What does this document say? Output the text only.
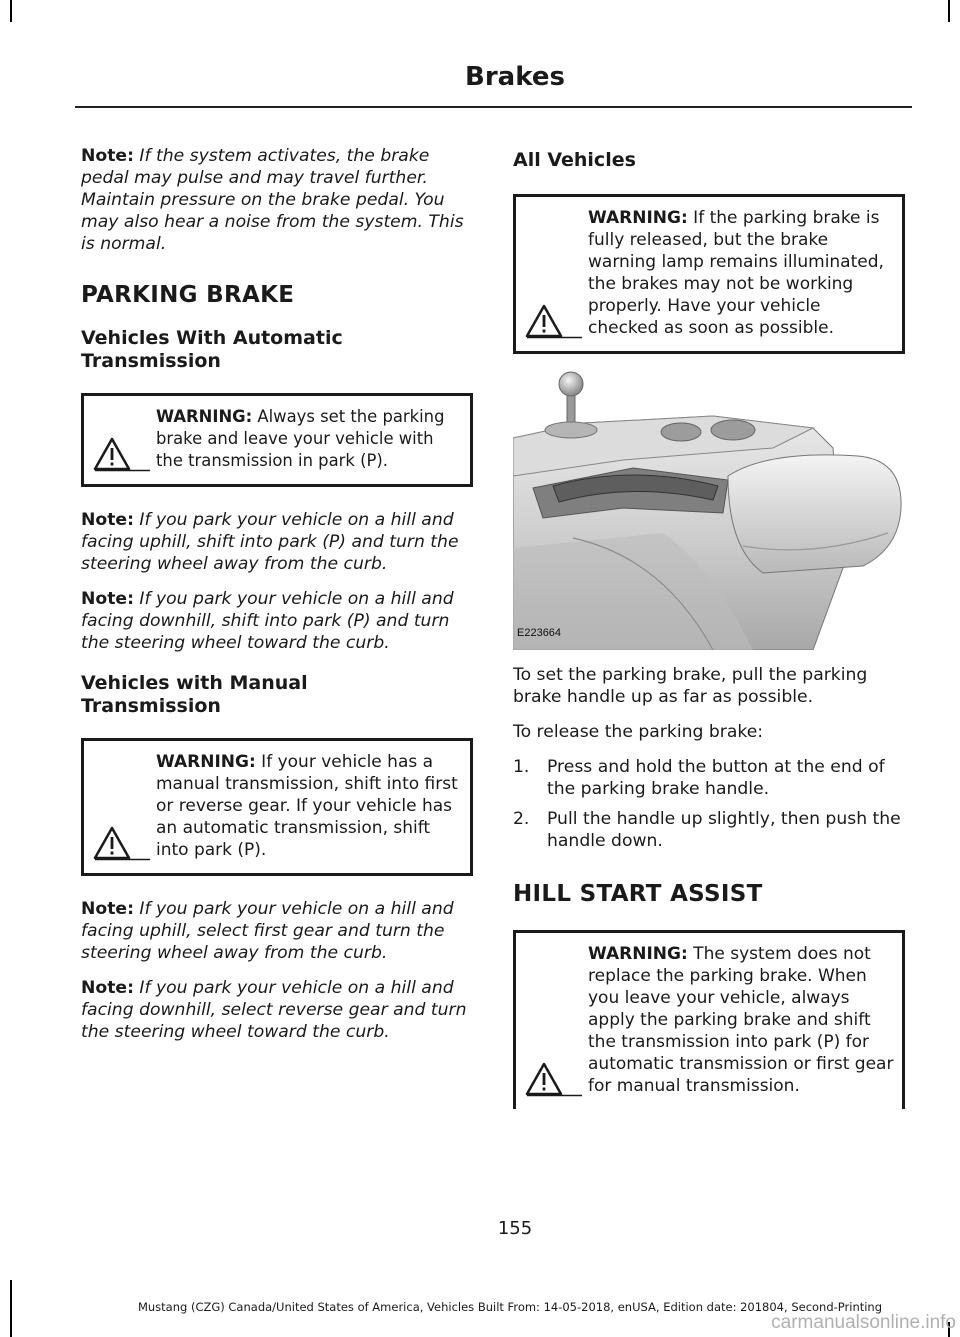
Brakes

Note: If the system activates, the brake pedal may pulse and may travel further. Maintain pressure on the brake pedal. You may also hear a noise from the system. This is normal.

PARKING BRAKE
Vehicles With Automatic Transmission
WARNING: Always set the parking brake and leave your vehicle with the transmission in park (P).

Note: If you park your vehicle on a hill and facing uphill, shift into park (P) and turn the steering wheel away from the curb.

Note: If you park your vehicle on a hill and facing downhill, shift into park (P) and turn the steering wheel toward the curb.

Vehicles with Manual Transmission
WARNING: If your vehicle has a manual transmission, shift into first or reverse gear. If your vehicle has an automatic transmission, shift into park (P).

Note: If you park your vehicle on a hill and facing uphill, select first gear and turn the steering wheel away from the curb.

Note: If you park your vehicle on a hill and facing downhill, select reverse gear and turn the steering wheel toward the curb.

All Vehicles
WARNING: If the parking brake is fully released, but the brake warning lamp remains illuminated, the brakes may not be working properly. Have your vehicle checked as soon as possible.
E223664

To set the parking brake, pull the parking brake handle up as far as possible.

To release the parking brake:

1.	Press and hold the button at the end of the parking brake handle.
2.	Pull the handle up slightly, then push the handle down.
HILL START ASSIST
WARNING: The system does not replace the parking brake. When you leave your vehicle, always apply the parking brake and shift the transmission into park (P) for automatic transmission or first gear for manual transmission.
155
Mustang (CZG) Canada/United States of America, Vehicles Built From: 14-05-2018, enUSA, Edition date: 201804, Second-Printing
carmanualsonline.info
